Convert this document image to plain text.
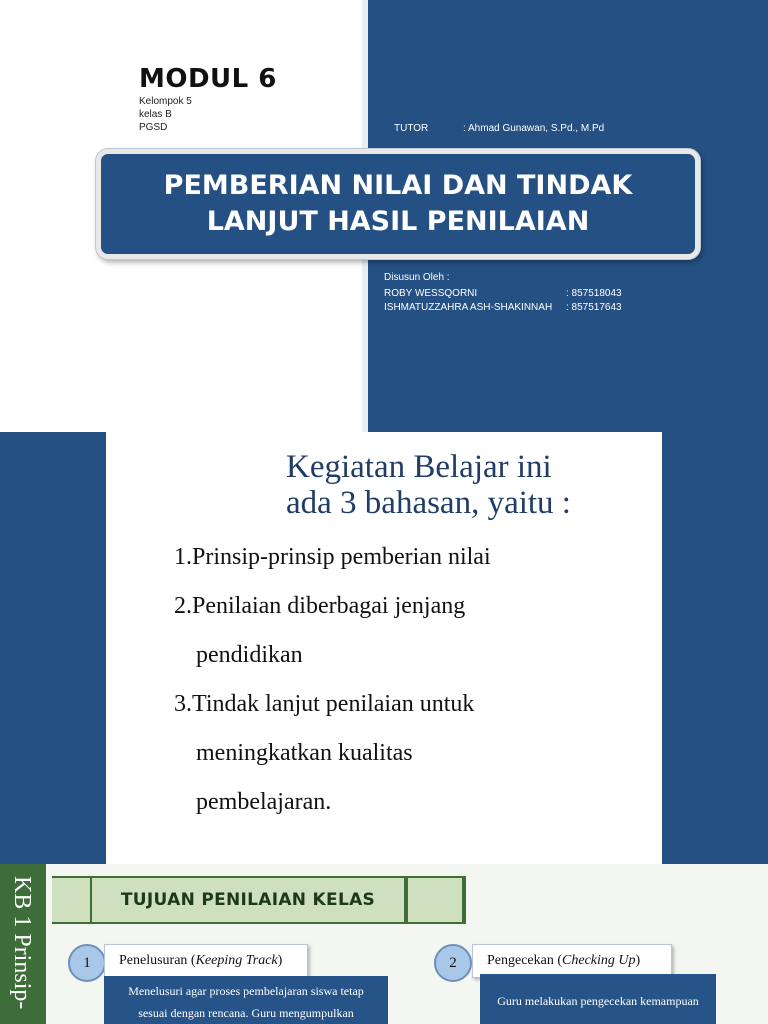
MODUL 6
Kelompok 5
kelas B
PGSD	TUTOR	: Ahmad Gunawan, S.Pd., M.Pd
PEMBERIAN NILAI DAN TINDAK
LANJUT HASIL PENILAIAN
Disusun Oleh :
ROBY WESSQORNI	: 857518043
ISHMATUZZAHRA ASH-SHAKINNAH : 857517643
Kegiatan Belajar ini
ada 3 bahasan, yaitu :
1.Prinsip-prinsip pemberian nilai
2.Penilaian diberbagai jenjang
pendidikan
3.Tindak lanjut penilaian untuk
meningkatkan kualitas
pembelajaran.
KB 1 Prinsip-	TUJUAN PENILAIAN KELAS
1	Penelusuran ( Keeping Track )
Menelusuri agar proses pembelajaran siswa tetap
sesuai dengan rencana. Guru mengumpulkan
2	Pengecekan ( Checking Up )
Guru melakukan pengecekan kemampuan
